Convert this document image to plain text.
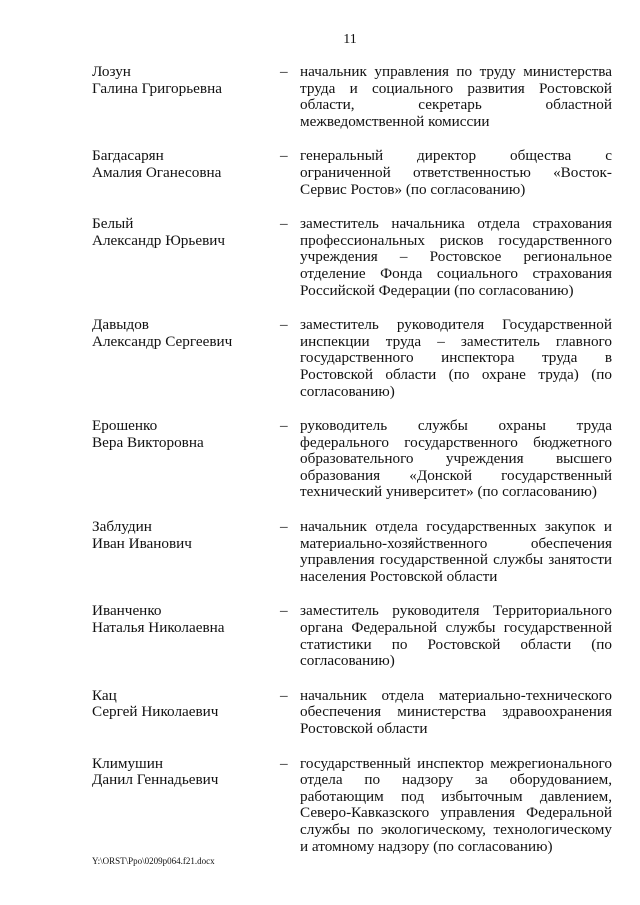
11
Лозун
Галина Григорьевна
– начальник управления по труду министерства труда и социального развития Ростовской области, секретарь областной межведомственной комиссии
Багдасарян
Амалия Оганесовна
– генеральный директор общества с ограниченной ответственностью «Восток-Сервис Ростов» (по согласованию)
Белый
Александр Юрьевич
– заместитель начальника отдела страхования профессиональных рисков государственного учреждения – Ростовское региональное отделение Фонда социального страхования Российской Федерации (по согласованию)
Давыдов
Александр Сергеевич
– заместитель руководителя Государственной инспекции труда – заместитель главного государственного инспектора труда в Ростовской области (по охране труда) (по согласованию)
Ерошенко
Вера Викторовна
– руководитель службы охраны труда федерального государственного бюджетного образовательного учреждения высшего образования «Донской государственный технический университет» (по согласованию)
Заблудин
Иван Иванович
– начальник отдела государственных закупок и материально-хозяйственного обеспечения управления государственной службы занятости населения Ростовской области
Иванченко
Наталья Николаевна
– заместитель руководителя Территориального органа Федеральной службы государственной статистики по Ростовской области (по согласованию)
Кац
Сергей Николаевич
– начальник отдела материально-технического обеспечения министерства здравоохранения Ростовской области
Климушин
Данил Геннадьевич
– государственный инспектор межрегионального отдела по надзору за оборудованием, работающим под избыточным давлением, Северо-Кавказского управления Федеральной службы по экологическому, технологическому и атомному надзору (по согласованию)
Y:\ORST\Ppo\0209p064.f21.docx
